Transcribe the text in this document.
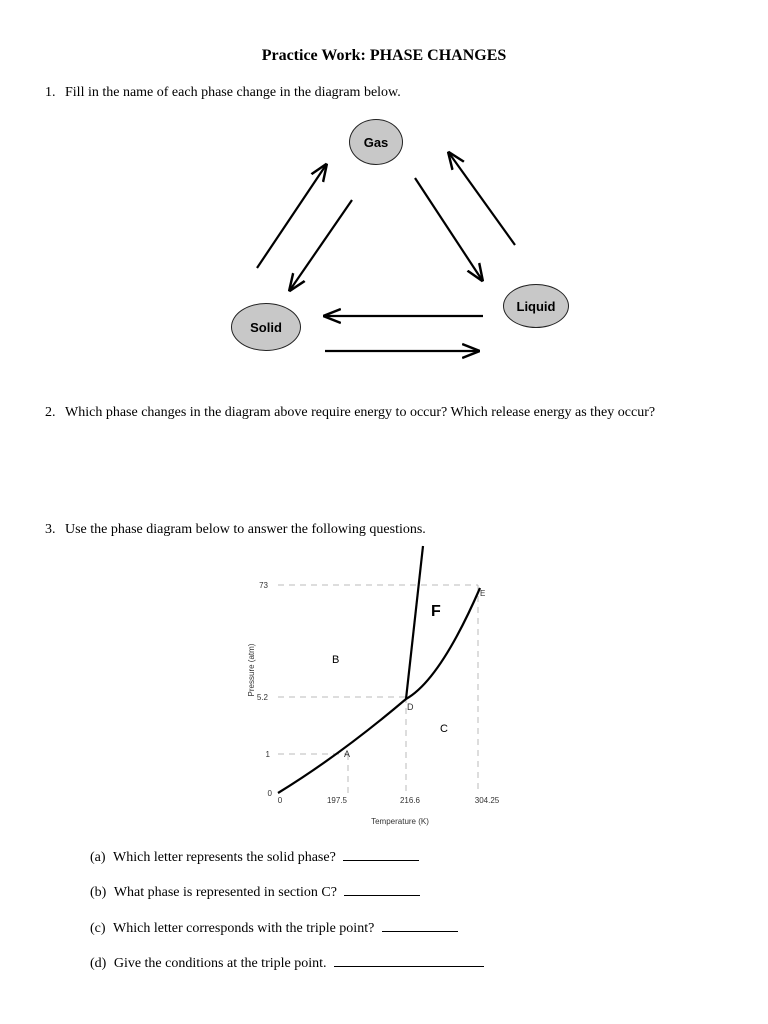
Practice Work: PHASE CHANGES
1. Fill in the name of each phase change in the diagram below.
Gas
Liquid
Solid
2. Which phase changes in the diagram above require energy to occur? Which release energy as they occur?
3. Use the phase diagram below to answer the following questions.
73
5.2
1
0
Pressure (atm)
0	197.5	216.6	304.25
Temperature (K)
A
D
E
B
C
F
(a) Which letter represents the solid phase?
(b) What phase is represented in section C?
(c) Which letter corresponds with the triple point?
(d) Give the conditions at the triple point.
